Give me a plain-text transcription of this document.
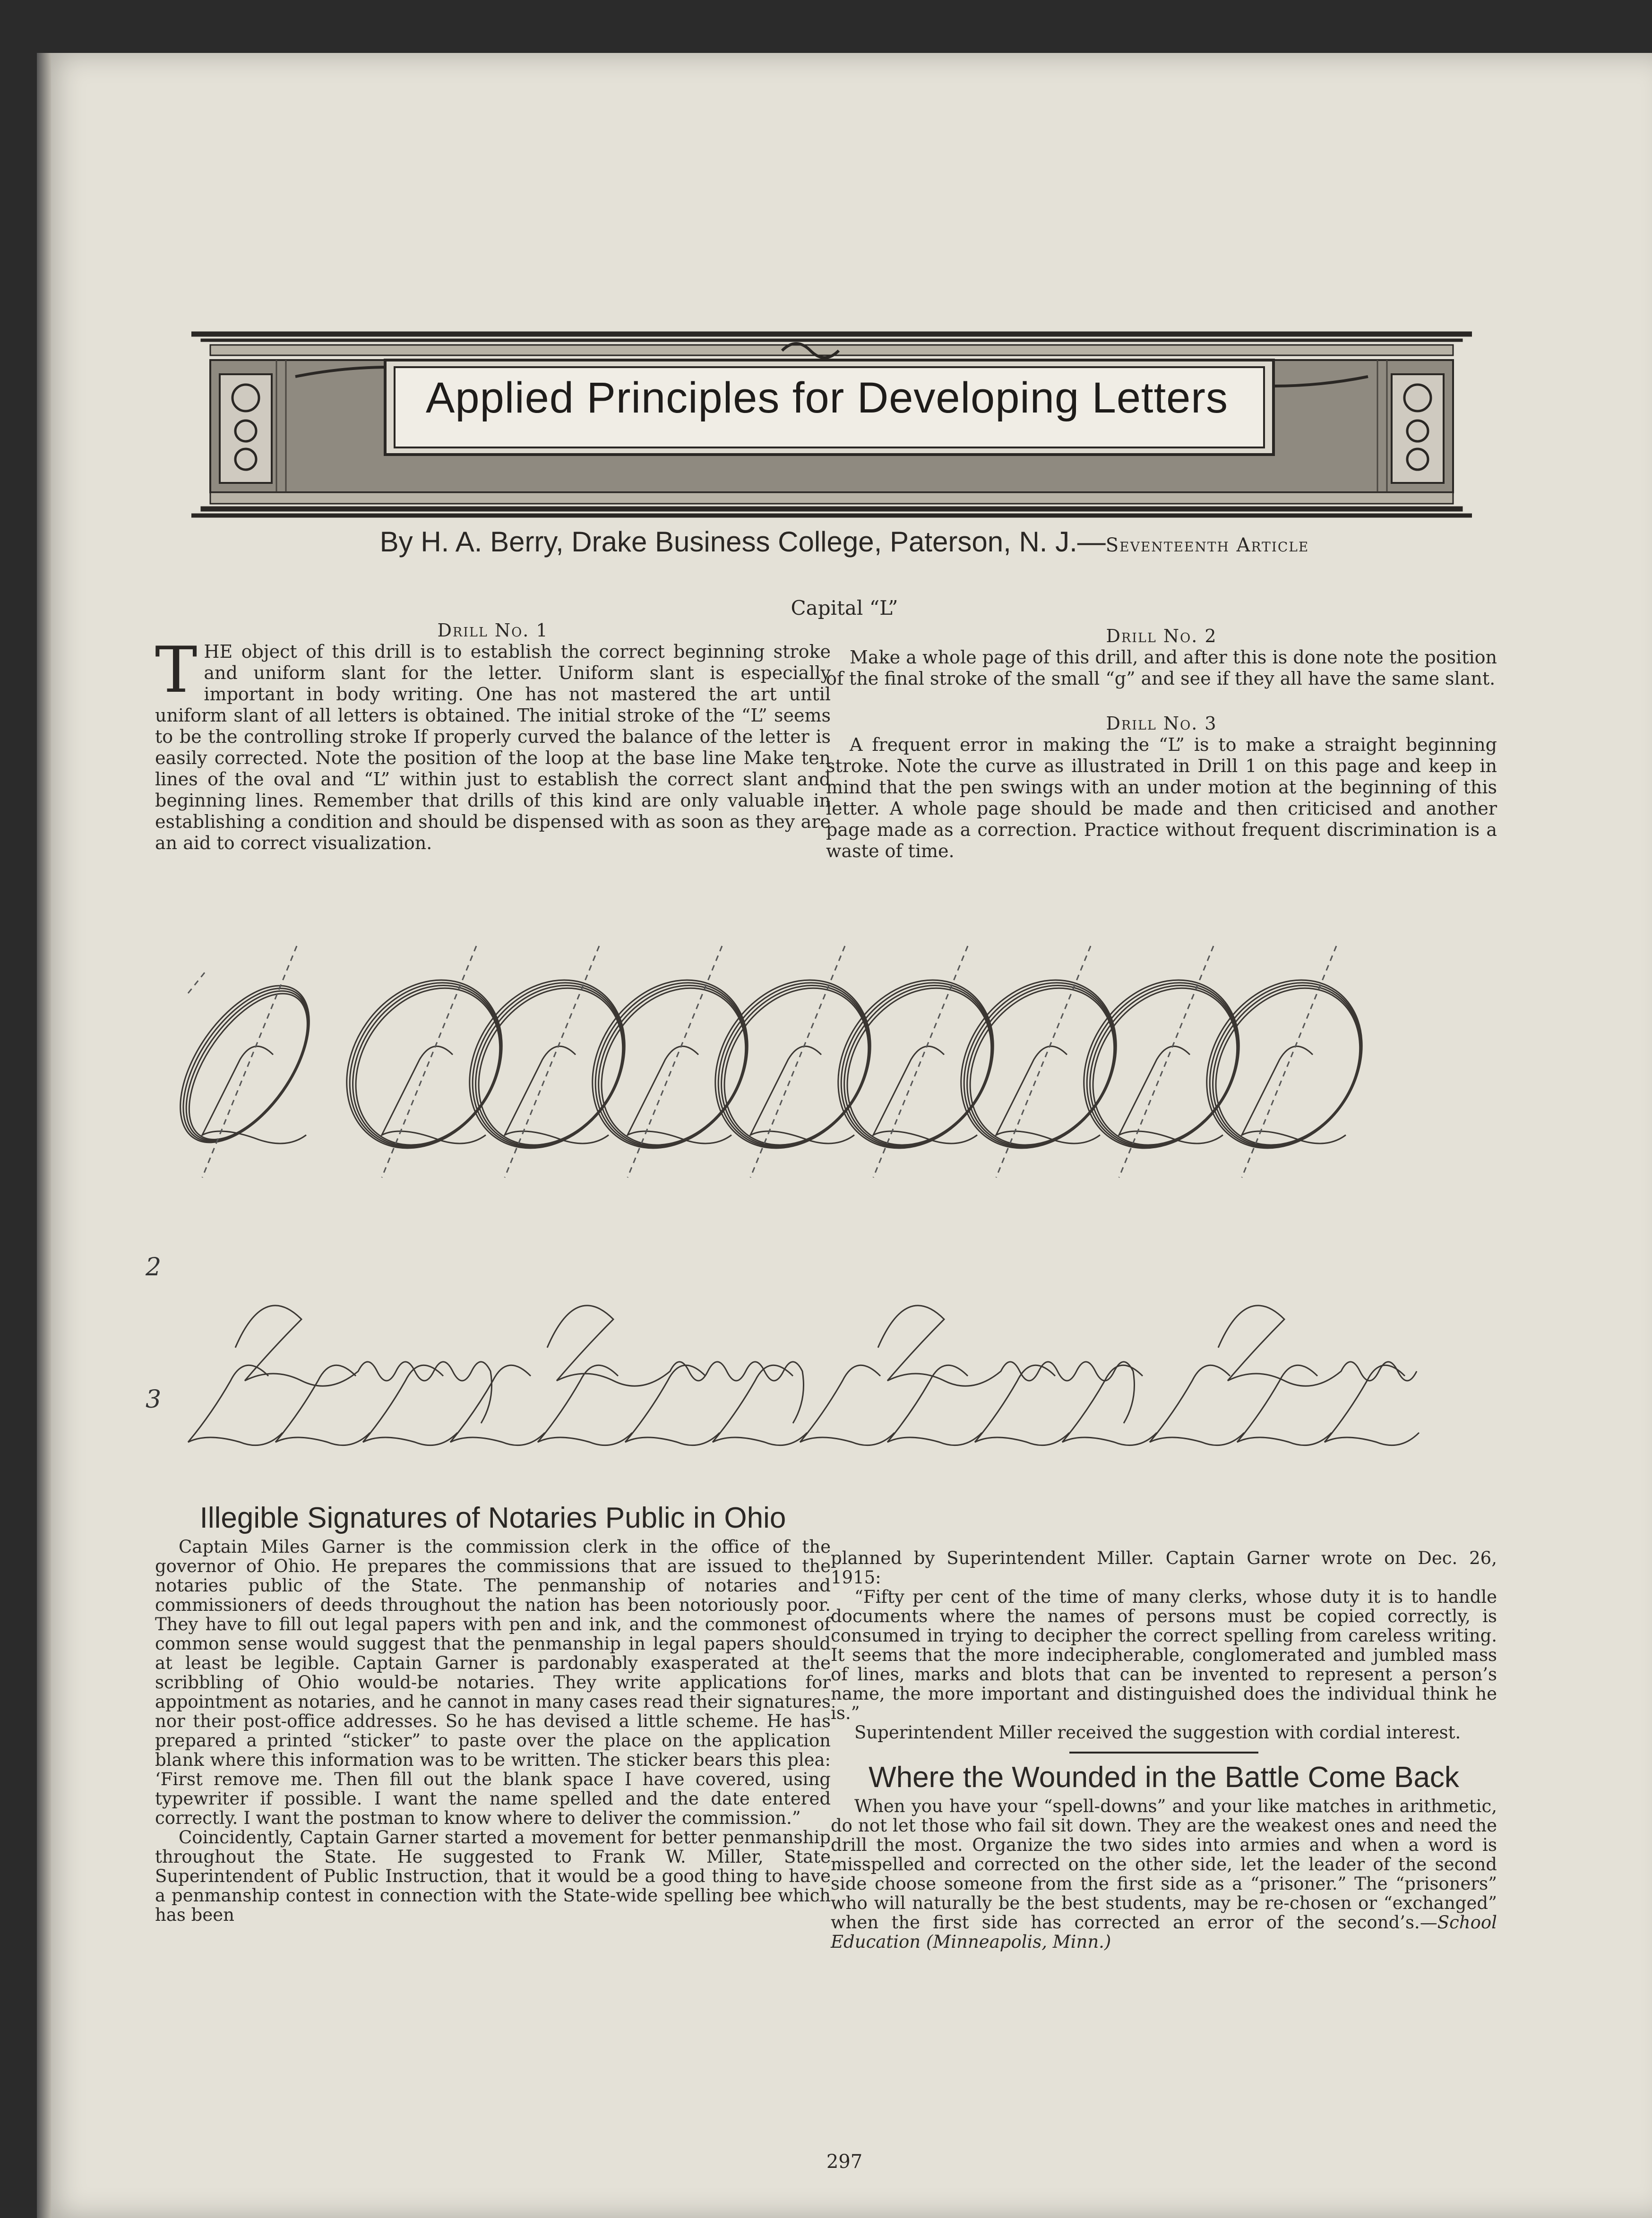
Applied Principles for Developing Letters
By H. A. Berry, Drake Business College, Paterson, N. J.—Seventeenth Article
Capital “L”
Drill No. 1

THE object of this drill is to establish the correct beginning stroke and uniform slant for the letter. Uniform slant is especially important in body writing. One has not mastered the art until uniform slant of all letters is obtained. The initial stroke of the “L” seems to be the controlling stroke If properly curved the balance of the letter is easily corrected. Note the position of the loop at the base line Make ten lines of the oval and “L” within just to establish the correct slant and beginning lines. Remember that drills of this kind are only valuable in establishing a condition and should be dispensed with as soon as they are an aid to correct visualization.

Drill No. 2

Make a whole page of this drill, and after this is done note the position of the final stroke of the small “g” and see if they all have the same slant.

Drill No. 3

A frequent error in making the “L” is to make a straight beginning stroke. Note the curve as illustrated in Drill 1 on this page and keep in mind that the pen swings with an under motion at the beginning of this letter. A whole page should be made and then criticised and another page made as a correction. Practice without frequent discrimination is a waste of time.

2
3
Illegible Signatures of Notaries Public in Ohio

Captain Miles Garner is the commission clerk in the office of the governor of Ohio. He prepares the commissions that are issued to the notaries public of the State. The penmanship of notaries and commissioners of deeds throughout the nation has been notoriously poor. They have to fill out legal papers with pen and ink, and the commonest of common sense would suggest that the penmanship in legal papers should at least be legible. Captain Garner is pardonably exasperated at the scribbling of Ohio would-be notaries. They write applications for appointment as notaries, and he cannot in many cases read their signatures nor their post-office addresses. So he has devised a little scheme. He has prepared a printed “sticker” to paste over the place on the application blank where this information was to be written. The sticker bears this plea: ‘First remove me. Then fill out the blank space I have covered, using typewriter if possible. I want the name spelled and the date entered correctly. I want the postman to know where to deliver the commission.”

Coincidently, Captain Garner started a movement for better penmanship throughout the State. He suggested to Frank W. Miller, State Superintendent of Public Instruction, that it would be a good thing to have a penmanship contest in connection with the State-wide spelling bee which has been

planned by Superintendent Miller. Captain Garner wrote on Dec. 26, 1915:

“Fifty per cent of the time of many clerks, whose duty it is to handle documents where the names of persons must be copied correctly, is consumed in trying to decipher the correct spelling from careless writing. It seems that the more indecipherable, conglomerated and jumbled mass of lines, marks and blots that can be invented to represent a person’s name, the more important and distinguished does the individual think he is.”

Superintendent Miller received the suggestion with cordial interest.

Where the Wounded in the Battle Come Back

When you have your “spell-downs” and your like matches in arithmetic, do not let those who fail sit down. They are the weakest ones and need the drill the most. Organize the two sides into armies and when a word is misspelled and corrected on the other side, let the leader of the second side choose someone from the first side as a “prisoner.” The “prisoners” who will naturally be the best students, may be re-chosen or “exchanged” when the first side has corrected an error of the second’s.—School Education (Minneapolis, Minn.)

297
